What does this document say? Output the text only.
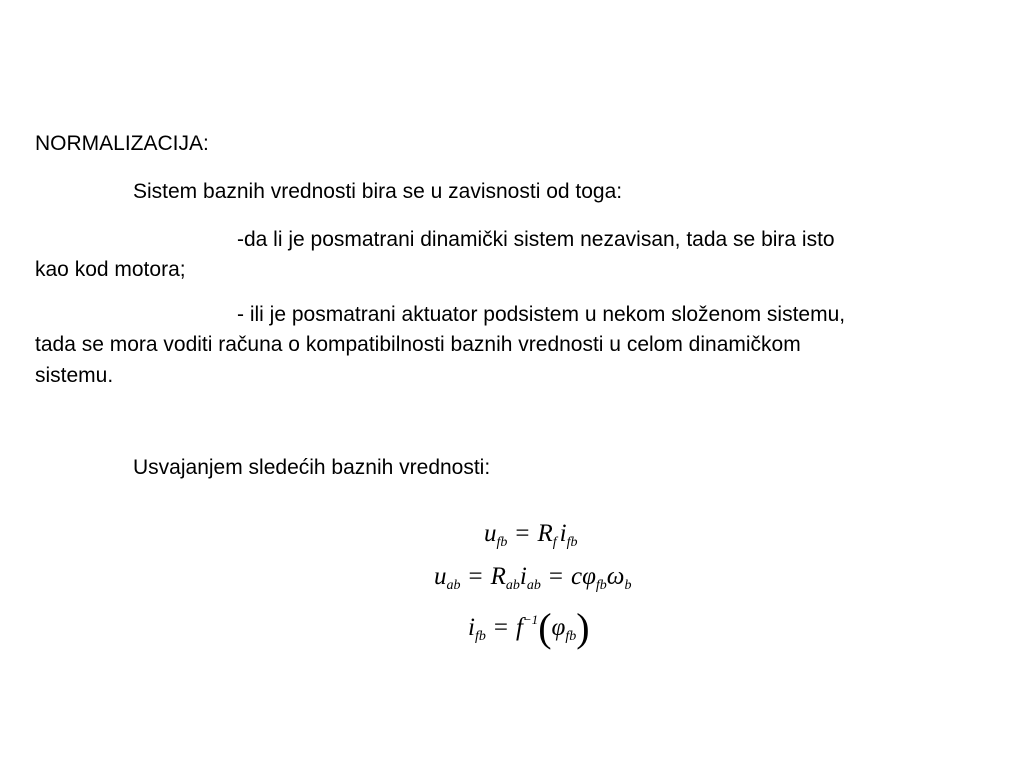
NORMALIZACIJA:
Sistem baznih vrednosti bira se u zavisnosti od toga:
-da li je posmatrani dinamički sistem nezavisan, tada se bira isto
kao kod motora;
- ili je posmatrani aktuator podsistem u nekom složenom sistemu,
tada se mora voditi računa o kompatibilnosti baznih vrednosti u celom dinamičkom
sistemu.
Usvajanjem sledećih baznih vrednosti:
$u_{fb} = R_f$ $i_{fb}$
$u_{ab} = R_{ab}i_{ab} = c\varphi_{fb}\omega_b$
$i_{fb} = f^{-1}(\varphi_{fb})$
